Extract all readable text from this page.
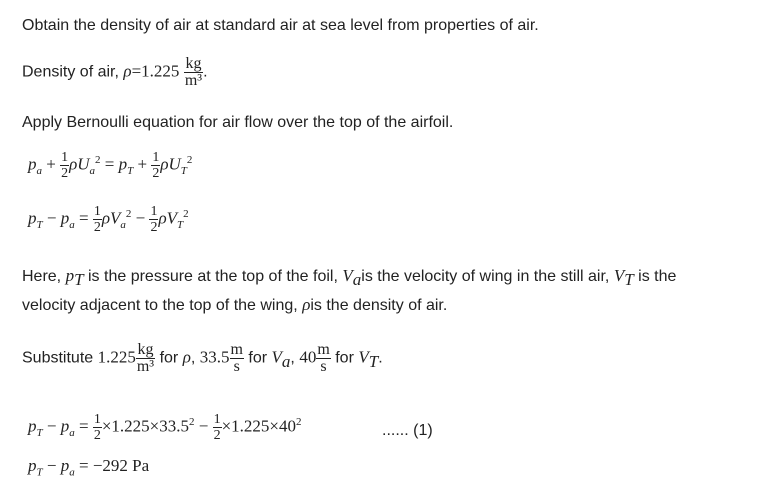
Obtain the density of air at standard air at sea level from properties of air.
Density of air, $\rho=1.225 \frac{kg}{\text{m³}}$ .
Apply Bernoulli equation for air flow over the top of the airfoil.
$p_a + \frac{1}{2} \rho U_a^2 = p_T + \frac{1}{2} \rho U_T^2$
$p_T - p_a = \frac{1}{2} \rho V_a^2 - \frac{1}{2} \rho V_T^2$
Here, $p_T$ is the pressure at the top of the foil, $V_ais$ the velocity of wing in the still air, $V_T$ is the
velocity adjacent to the top of the wing, ρis the density of air.
Substitute $1.225 \frac{kg}{\text{m³}}$ for ρ, $33.5 \frac{m}{s}$ for $V_a$, $40 \frac{m}{s}$ for $V_T$.
$p_T - p_a = \frac{1}{2} \times 1.225\times 33.5^2 - \frac{1}{2} \times 1.225\times 40^2$
...... (1)
$p_T - p_a = -292$ Pa
